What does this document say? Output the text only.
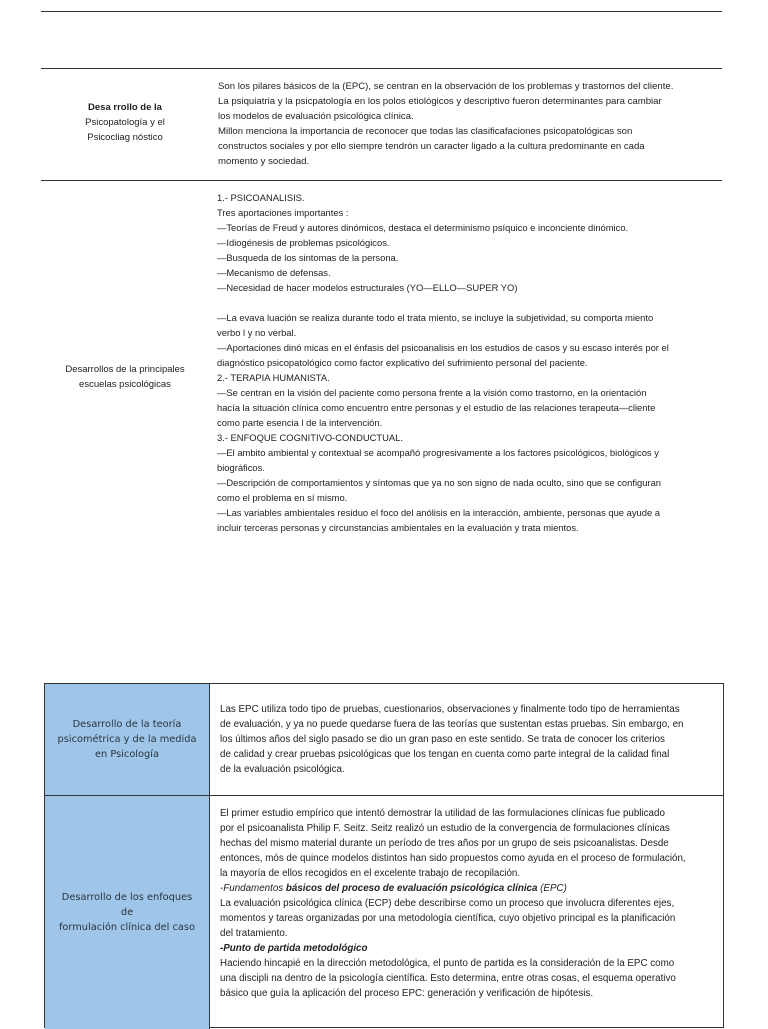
Desa rrollo de la
Psicopatología y el
Psicocliag nóstico

Son los pilares básicos de la (EPC), se centran en la observación de los problemas y trastornos del cliente.

La psiquiatria y la psicpatología en los polos etiológicos y descriptivo fueron determinantes para cambiar

los modelos de evaluación psicológica clínica.

Millon menciona la importancia de reconocer que todas las clasificafaciones psicopatológicas son

constructos sociales y por ello siempre tendrón un caracter ligado a la cultura predominante en cada

momento y sociedad.

Desarrollos de la principales
escuelas psicológicas

1.- PSICOANALISIS.

Tres aportaciones importantes :

—Teorías de Freud y autores dinómicos, destaca el determinismo psíquico e inconciente dinómico.

—Idiogénesis de problemas psicológicos.

—Busqueda de los sintomas de la persona.

—Mecanismo de defensas.

—Necesidad de hacer modelos estructurales (YO—ELLO—SUPER YO)

—La evava luación se realiza durante todo el trata miento, se incluye la subjetividad, su comporta miento

verbo l y no verbal.

—Aportaciones dinó micas en el énfasis del psicoanalisis en los estudios de casos y su escaso interés por el

diagnóstico psicopatológico como factor explicativo del sufrimiento personal del paciente.

2.- TERAPIA HUMANISTA.

—Se centran en la visión del paciente como persona frente a la visión como trastorno, en la orientación

hacía la situación clínica como encuentro entre personas y el estudio de las relaciones terapeuta—cliente

como parte esencia l de la intervención.

3.- ENFOQUE COGNITIVO-CONDUCTUAL.

—El ambito ambiental y contextual se acompañó progresivamente a los factores psicológicos, biológicos y

biográficos.

—Descripción de comportamientos y síntomas que ya no son signo de nada oculto, sino que se configuran

como el problema en sí mismo.

—Las variables ambientales residuo el foco del anólisis en la interacción, ambiente, personas que ayude a

incluir terceras personas y circunstancias ambientales en la evaluación y trata mientos.

Desarrollo de la teoría
psicométrica y de la medida
en Psicología

Las EPC utiliza todo tipo de pruebas, cuestionarios, observaciones y finalmente todo tipo de herramientas

de evaluación, y ya no puede quedarse fuera de las teorías que sustentan estas pruebas. Sin embargo, en

los últimos años del siglo pasado se dio un gran paso en este sentido. Se trata de conocer los criterios

de calidad y crear pruebas psicológicas que los tengan en cuenta como parte integral de la calidad final

de la evaluación psicológica.

Desarrollo de los enfoques de
formulación clínica del caso

El primer estudio empírico que intentó demostrar la utilidad de las formulaciones clínicas fue publicado

por el psicoanalista Philip F. Seitz. Seitz realizó un estudio de la convergencia de formulaciones clínicas

hechas del mismo material durante un período de tres años por un grupo de seis psicoanalistas. Desde

entonces, mós de quince modelos distintos han sido propuestos como ayuda en el proceso de formulación,

la mayoría de ellos recogidos en el excelente trabajo de recopilación.

-Fundamentos básicos del proceso de evaluación psicológica clínica (EPC)

La evaluación psicológica clínica (ECP) debe describirse como un proceso que involucra diferentes ejes,

momentos y tareas organizadas por una metodología científica, cuyo objetivo principal es la planificación

del tratamiento.

-Punto de partida metodológico

Haciendo hincapié en la dirección metodológica, el punto de partida es la consideración de la EPC como

una discipli na dentro de la psicología científica. Esto determina, entre otras cosas, el esquema operativo

básico que guía la aplicación del proceso EPC: generación y verificación de hipótesis.
